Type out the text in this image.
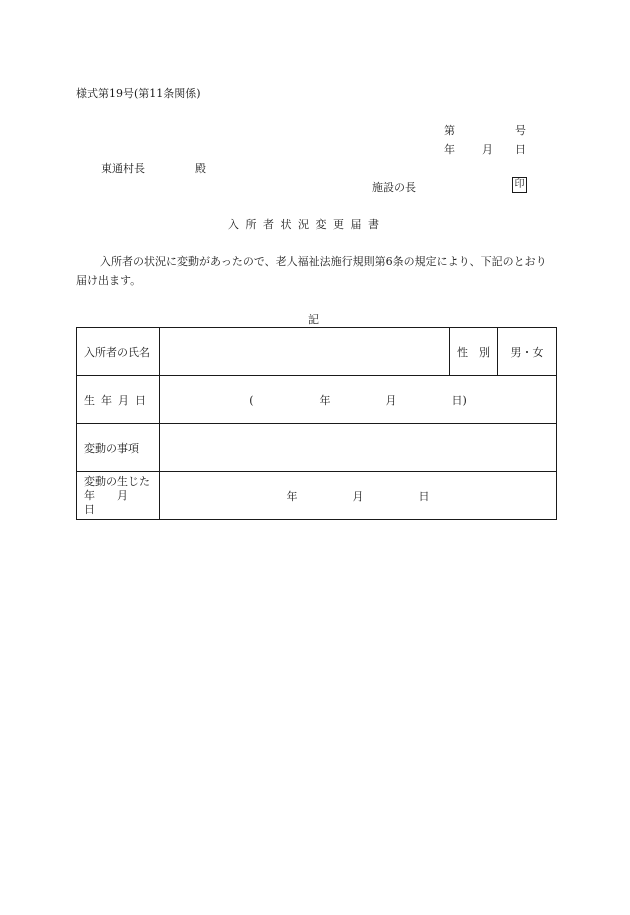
様式第19号(第11条関係)
第	号
年 月 日
東通村長	殿
施設の長	印
入所者状況変更届書
入所者の状況に変動があったので、老人福祉法施行規則第6条の規定により、下記のとおり届け出ます。
記
入所者の氏名		性　別	男・女
生年月日	(　　　　　　年　　　　　月　　　　　日)		
変動の事項			

変動の生じた
年　　月　　日	年　　　　　月　　　　　日		
